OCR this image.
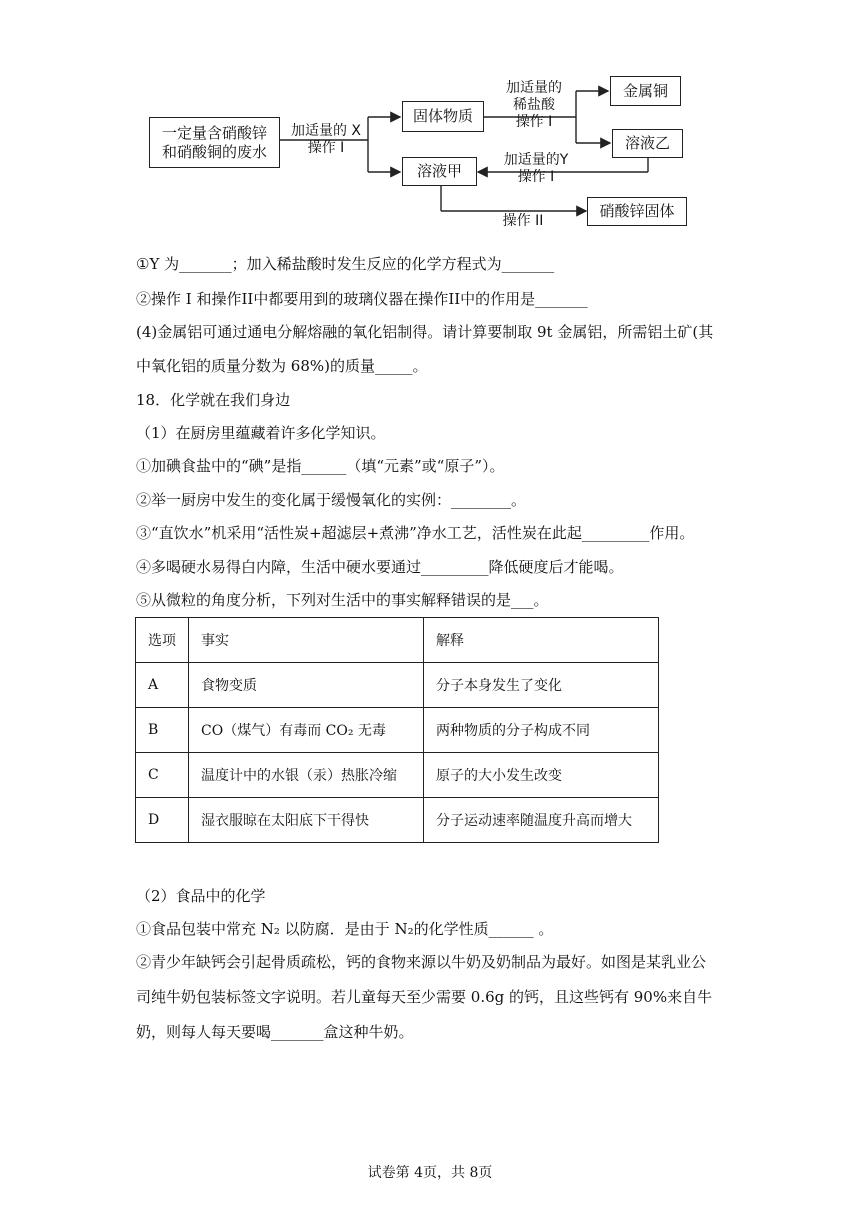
一定量含硝酸锌
和硝酸铜的废水
加适量的 X
操作 I
固体物质
加适量的
稀盐酸
操作 I
金属铜
溶液乙
溶液甲
加适量的Y
操作 I
操作 II
硝酸锌固体
①Y 为_______；加入稀盐酸时发生反应的化学方程式为_______
②操作 I 和操作II中都要用到的玻璃仪器在操作II中的作用是_______
(4)金属铝可通过通电分解熔融的氧化铝制得。请计算要制取 9t 金属铝，所需铝土矿(其
中氧化铝的质量分数为 68%)的质量_____。
18．化学就在我们身边
（1）在厨房里蕴藏着许多化学知识。
①加碘食盐中的“碘”是指______（填“元素”或“原子”）。
②举一厨房中发生的变化属于缓慢氧化的实例：________。
③“直饮水”机采用“活性炭+超滤层+煮沸”净水工艺，活性炭在此起_________作用。
④多喝硬水易得白内障，生活中硬水要通过_________降低硬度后才能喝。
⑤从微粒的角度分析，下列对生活中的事实解释错误的是___。
选项	事实	解释
A	食物变质	分子本身发生了变化
B	CO（煤气）有毒而 CO₂ 无毒	两种物质的分子构成不同
C	温度计中的水银（汞）热胀冷缩	原子的大小发生改变
D	湿衣服晾在太阳底下干得快	分子运动速率随温度升高而增大
（2）食品中的化学
①食品包装中常充 N₂ 以防腐．是由于 N₂的化学性质______ 。
②青少年缺钙会引起骨质疏松，钙的食物来源以牛奶及奶制品为最好。如图是某乳业公
司纯牛奶包装标签文字说明。若儿童每天至少需要 0.6g 的钙，且这些钙有 90%来自牛
奶，则每人每天要喝_______盒这种牛奶。
试卷第 4页，共 8页
